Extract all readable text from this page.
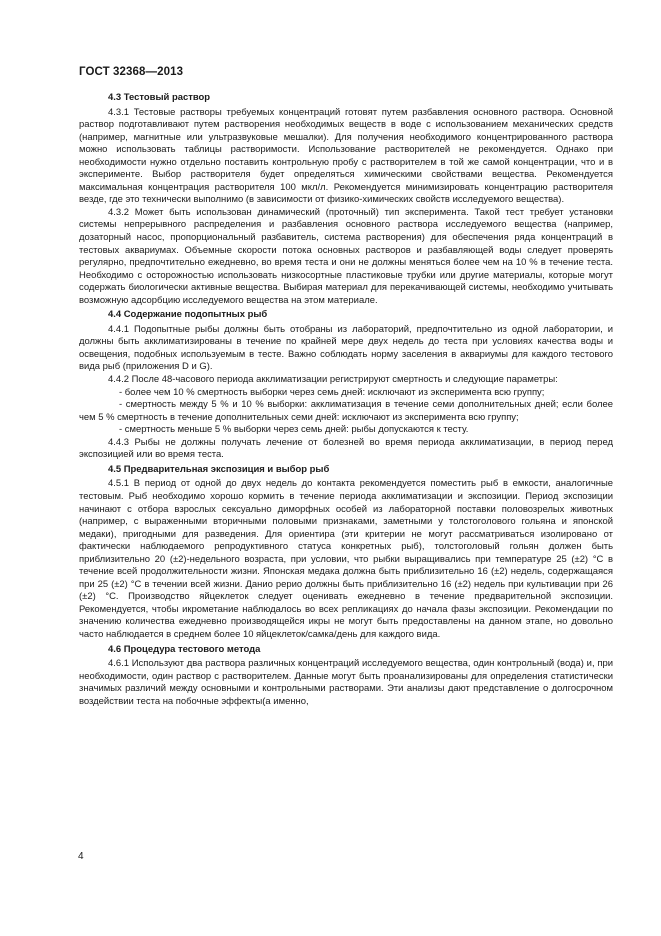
ГОСТ 32368—2013

4.3 Тестовый раствор

4.3.1 Тестовые растворы требуемых концентраций готовят путем разбавления основного раствора. Основной раствор подготавливают путем растворения необходимых веществ в воде с использованием механических средств (например, магнитные или ультразвуковые мешалки). Для получения необходимого концентрированного раствора можно использовать таблицы растворимости. Использование растворителей не рекомендуется. Однако при необходимости нужно отдельно поставить контрольную пробу с растворителем в той же самой концентрации, что и в эксперименте. Выбор растворителя будет определяться химическими свойствами вещества. Рекомендуется максимальная концентрация растворителя 100 мкл/л. Рекомендуется минимизировать концентрацию растворителя везде, где это технически выполнимо (в зависимости от физико-химических свойств исследуемого вещества).

4.3.2 Может быть использован динамический (проточный) тип эксперимента. Такой тест требует установки системы непрерывного распределения и разбавления основного раствора исследуемого вещества (например, дозаторный насос, пропорциональный разбавитель, система растворения) для обеспечения ряда концентраций в тестовых аквариумах. Объемные скорости потока основных растворов и разбавляющей воды следует проверять регулярно, предпочтительно ежедневно, во время теста и они не должны меняться более чем на 10 % в течение теста. Необходимо с осторожностью использовать низкосортные пластиковые трубки или другие материалы, которые могут содержать биологически активные вещества. Выбирая материал для перекачивающей системы, необходимо учитывать возможную адсорбцию исследуемого вещества на этом материале.

4.4 Содержание подопытных рыб

4.4.1 Подопытные рыбы должны быть отобраны из лабораторий, предпочтительно из одной лаборатории, и должны быть акклиматизированы в течение по крайней мере двух недель до теста при условиях качества воды и освещения, подобных используемым в тесте. Важно соблюдать норму заселения в аквариумы для каждого тестового вида рыб (приложения D и G).

4.4.2 После 48-часового периода акклиматизации регистрируют смертность и следующие параметры:

- более чем 10 % смертность выборки через семь дней: исключают из эксперимента всю группу;

- смертность между 5 % и 10 % выборки: акклиматизация в течение семи дополнительных дней; если более чем 5 % смертность в течение дополнительных семи дней: исключают из эксперимента всю группу;

- смертность меньше 5 % выборки через семь дней: рыбы допускаются к тесту.

4.4.3 Рыбы не должны получать лечение от болезней во время периода акклиматизации, в период перед экспозицией или во время теста.

4.5 Предварительная экспозиция и выбор рыб

4.5.1 В период от одной до двух недель до контакта рекомендуется поместить рыб в емкости, аналогичные тестовым. Рыб необходимо хорошо кормить в течение периода акклиматизации и экспозиции. Период экспозиции начинают с отбора взрослых сексуально диморфных особей из лабораторной поставки половозрелых животных (например, с выраженными вторичными половыми признаками, заметными у толстоголового гольяна и японской медаки), пригодными для разведения. Для ориентира (эти критерии не могут рассматриваться изолировано от фактически наблюдаемого репродуктивного статуса конкретных рыб), толстоголовый гольян должен быть приблизительно 20 (±2)-недельного возраста, при условии, что рыбки выращивались при температуре 25 (±2) °С в течение всей продолжительности жизни. Японская медака должна быть приблизительно 16 (±2) недель, содержащаяся при 25 (±2) °С в течении всей жизни. Данио рерио должны быть приблизительно 16 (±2) недель при культивации при 26 (±2) °С. Производство яйцеклеток следует оценивать ежедневно в течение предварительной экспозиции. Рекомендуется, чтобы икрометание наблюдалось во всех репликациях до начала фазы экспозиции. Рекомендации по значению количества ежедневно производящейся икры не могут быть предоставлены на данном этапе, но довольно часто наблюдается в среднем более 10 яйцеклеток/самка/день для каждого вида.

4.6 Процедура тестового метода

4.6.1 Используют два раствора различных концентраций исследуемого вещества, один контрольный (вода) и, при необходимости, один раствор с растворителем. Данные могут быть проанализированы для определения статистически значимых различий между основными и контрольными растворами. Эти анализы дают представление о долгосрочном воздействии теста на побочные эффекты(а именно,

4
